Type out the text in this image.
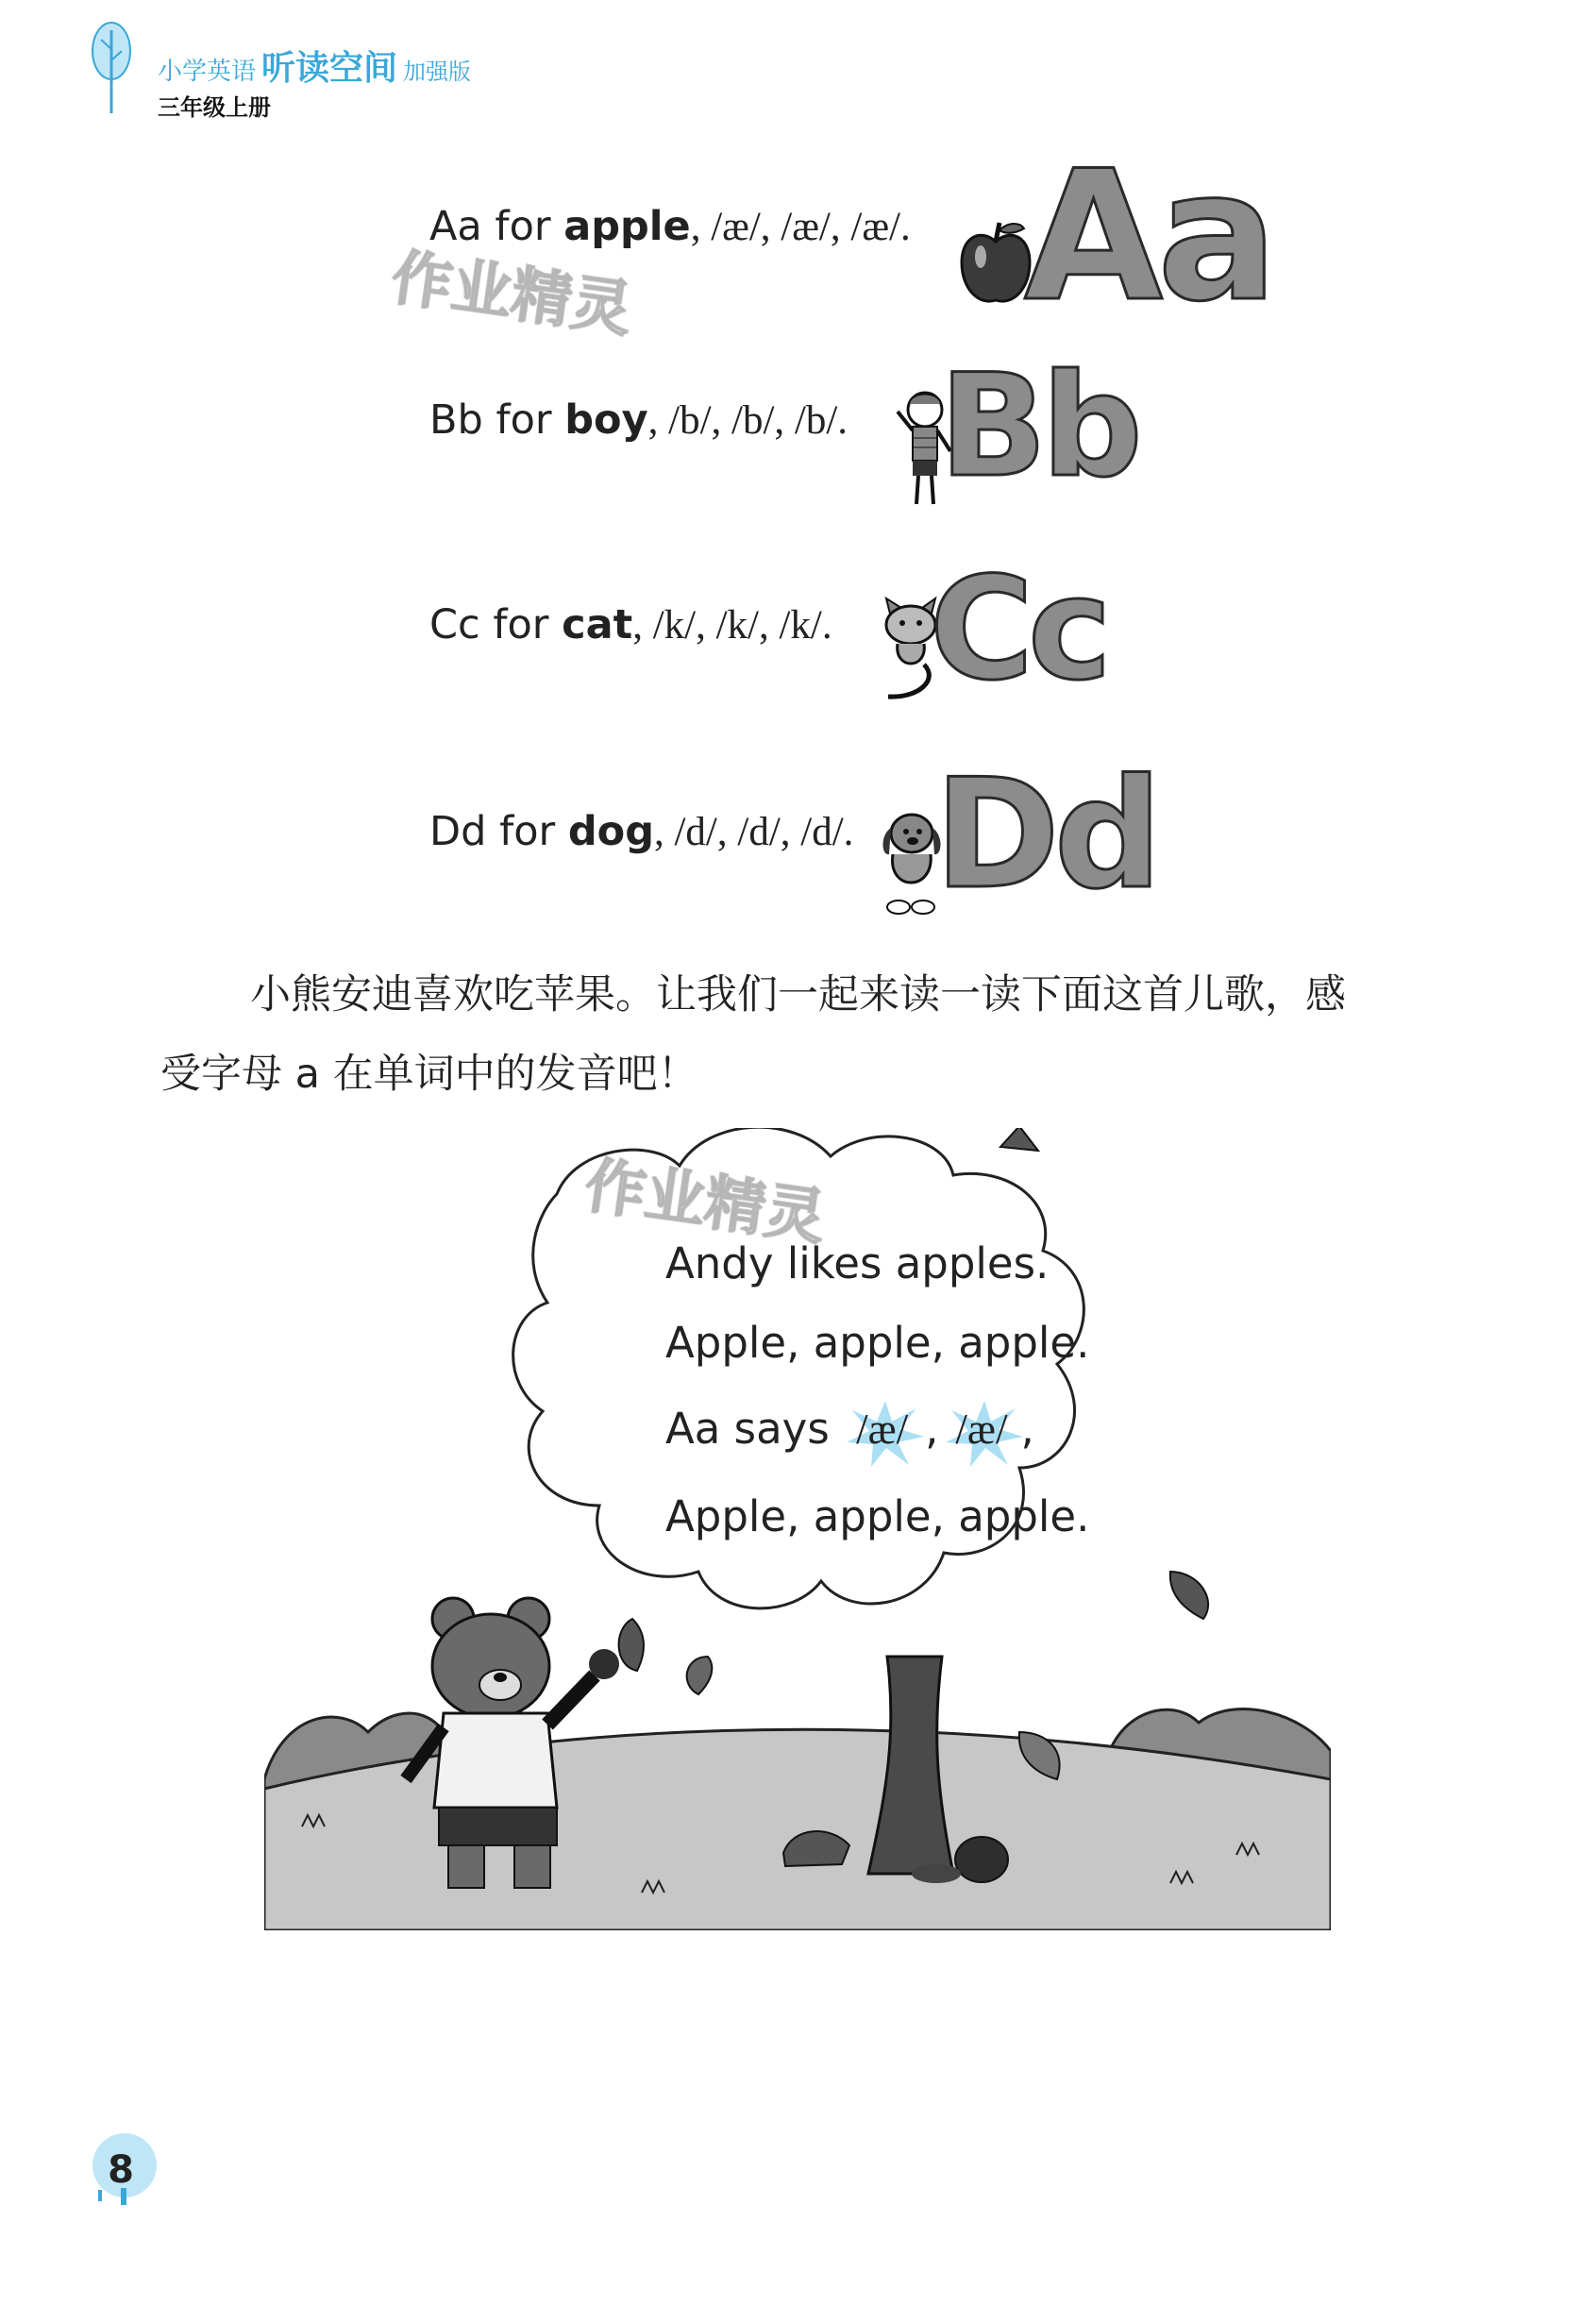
小学英语 听读空间 加强版
三年级上册
作业精灵
Aa for apple, /æ/, /æ/, /æ/. Aa
Bb for boy, /b/, /b/, /b/. Bb
Cc for cat, /k/, /k/, /k/. Cc
Dd for dog, /d/, /d/, /d/. Dd

小熊安迪喜欢吃苹果。让我们一起来读一读下面这首儿歌，感

受字母 a 在单词中的发音吧！

作业精灵
Andy likes apples.
Apple, apple, apple.
Aa says /æ/ , /æ/ ,
Apple, apple, apple.
8
